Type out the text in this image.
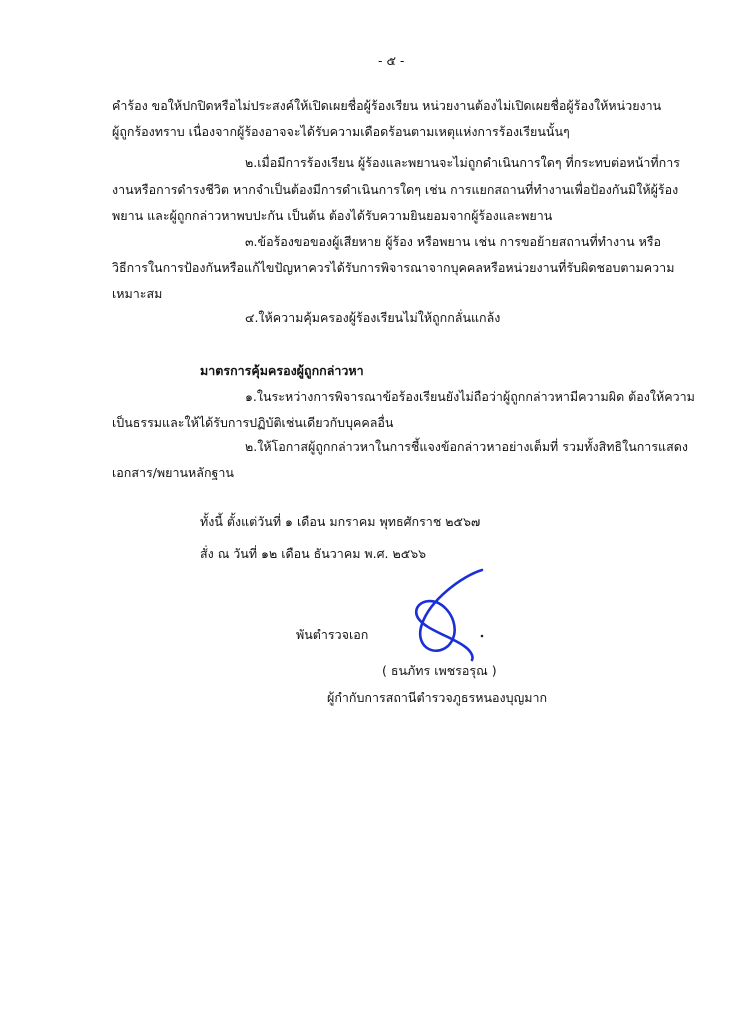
- ๕ -
คำร้อง ขอให้ปกปิดหรือไม่ประสงค์ให้เปิดเผยชื่อผู้ร้องเรียน หน่วยงานต้องไม่เปิดเผยชื่อผู้ร้องให้หน่วยงาน
ผู้ถูกร้องทราบ เนื่องจากผู้ร้องอาจจะได้รับความเดือดร้อนตามเหตุแห่งการร้องเรียนนั้นๆ
๒.เมื่อมีการร้องเรียน ผู้ร้องและพยานจะไม่ถูกดำเนินการใดๆ ที่กระทบต่อหน้าที่การ
งานหรือการดำรงชีวิต หากจำเป็นต้องมีการดำเนินการใดๆ เช่น การแยกสถานที่ทำงานเพื่อป้องกันมิให้ผู้ร้อง
พยาน และผู้ถูกกล่าวหาพบปะกัน เป็นต้น ต้องได้รับความยินยอมจากผู้ร้องและพยาน
๓.ข้อร้องขอของผู้เสียหาย ผู้ร้อง หรือพยาน เช่น การขอย้ายสถานที่ทำงาน หรือ
วิธีการในการป้องกันหรือแก้ไขปัญหาควรได้รับการพิจารณาจากบุคคลหรือหน่วยงานที่รับผิดชอบตามความ
เหมาะสม
๔.ให้ความคุ้มครองผู้ร้องเรียนไม่ให้ถูกกลั่นแกล้ง
มาตรการคุ้มครองผู้ถูกกล่าวหา
๑.ในระหว่างการพิจารณาข้อร้องเรียนยังไม่ถือว่าผู้ถูกกล่าวหามีความผิด ต้องให้ความ
เป็นธรรมและให้ได้รับการปฏิบัติเช่นเดียวกับบุคคลอื่น
๒.ให้โอกาสผู้ถูกกล่าวหาในการชี้แจงข้อกล่าวหาอย่างเต็มที่ รวมทั้งสิทธิในการแสดง
เอกสาร/พยานหลักฐาน
ทั้งนี้ ตั้งแต่วันที่ ๑ เดือน มกราคม พุทธศักราช ๒๕๖๗
สั่ง ณ วันที่ ๑๒ เดือน ธันวาคม พ.ศ. ๒๕๖๖
พันตำรวจเอก
( ธนภัทร เพชรอรุณ )
ผู้กำกับการสถานีตำรวจภูธรหนองบุญมาก
